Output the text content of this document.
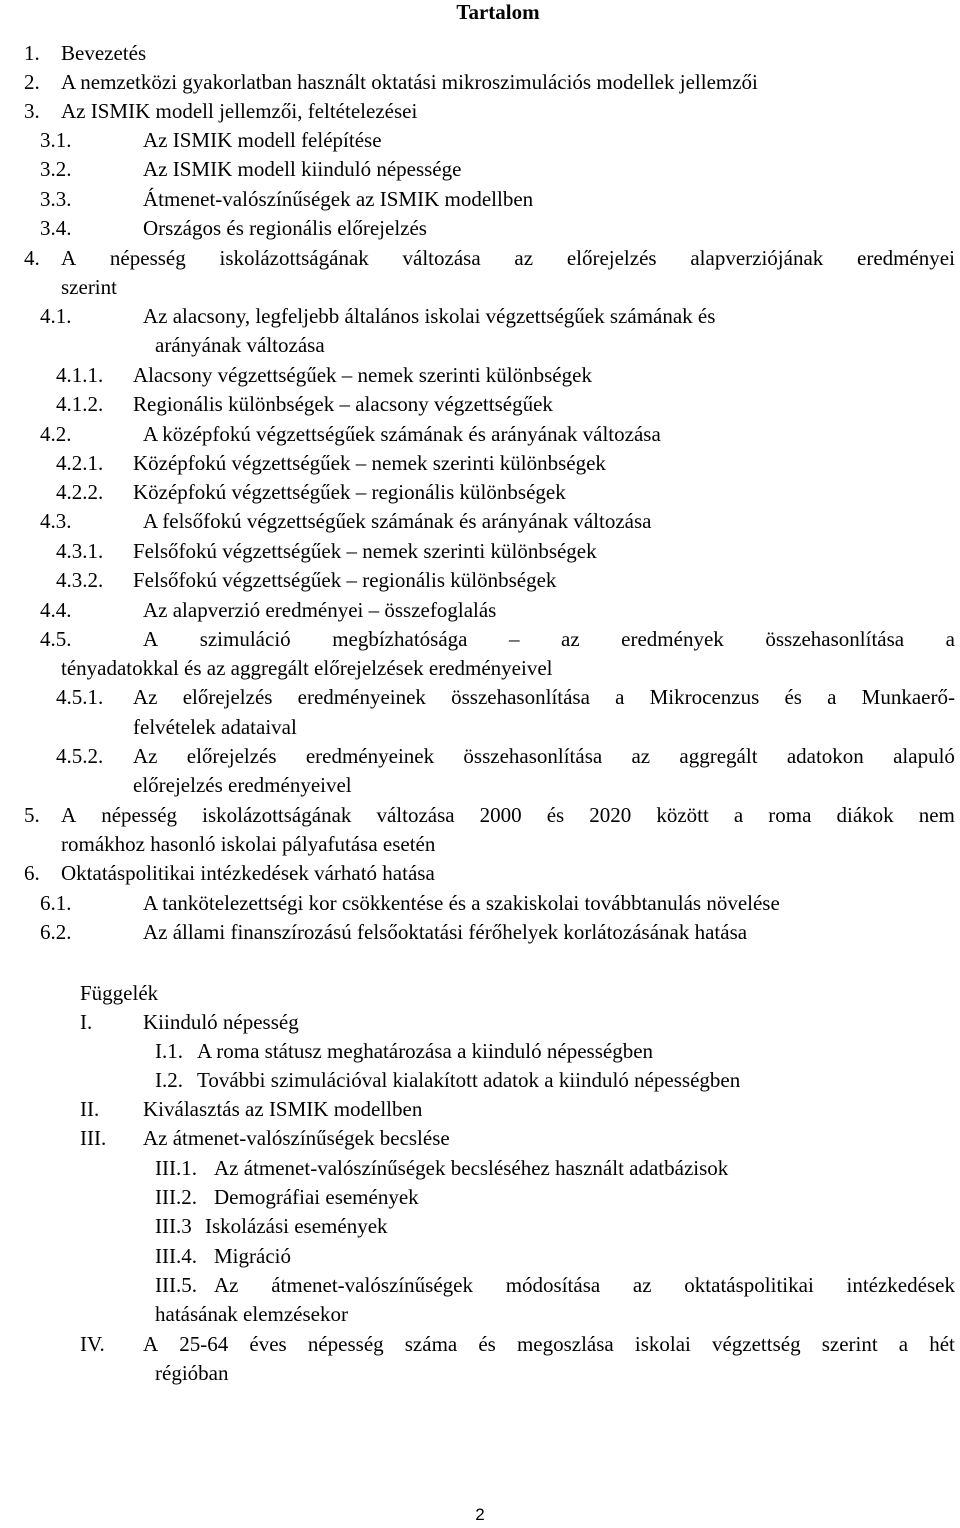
Tartalom
1. Bevezetés
2. A nemzetközi gyakorlatban használt oktatási mikroszimulációs modellek jellemzői
3. Az ISMIK modell jellemzői, feltételezései
3.1.	Az ISMIK modell felépítése
3.2.	Az ISMIK modell kiinduló népessége
3.3.	Átmenet-valószínűségek az ISMIK modellben
3.4.	Országos és regionális előrejelzés
4. A népesség iskolázottságának változása az előrejelzés alapverziójának eredményei
szerint
4.1.	Az alacsony, legfeljebb általános iskolai végzettségűek számának és
arányának változása
4.1.1. Alacsony végzettségűek – nemek szerinti különbségek
4.1.2. Regionális különbségek – alacsony végzettségűek
4.2.	A középfokú végzettségűek számának és arányának változása
4.2.1. Középfokú végzettségűek – nemek szerinti különbségek
4.2.2. Középfokú végzettségűek – regionális különbségek
4.3.	A felsőfokú végzettségűek számának és arányának változása
4.3.1. Felsőfokú végzettségűek – nemek szerinti különbségek
4.3.2. Felsőfokú végzettségűek – regionális különbségek
4.4.	Az alapverzió eredményei – összefoglalás
4.5.	A szimuláció megbízhatósága – az eredmények összehasonlítása a
tényadatokkal és az aggregált előrejelzések eredményeivel
4.5.1. Az előrejelzés eredményeinek összehasonlítása a Mikrocenzus és a Munkaerő-
felvételek adataival
4.5.2. Az előrejelzés eredményeinek összehasonlítása az aggregált adatokon alapuló
előrejelzés eredményeivel
5. A népesség iskolázottságának változása 2000 és 2020 között a roma diákok nem
romákhoz hasonló iskolai pályafutása esetén
6. Oktatáspolitikai intézkedések várható hatása
6.1.	A tankötelezettségi kor csökkentése és a szakiskolai továbbtanulás növelése
6.2.	Az állami finanszírozású felsőoktatási férőhelyek korlátozásának hatása
Függelék
I. Kiinduló népesség
I.1. A roma státusz meghatározása a kiinduló népességben
I.2. További szimulációval kialakított adatok a kiinduló népességben
II. Kiválasztás az ISMIK modellben
III. Az átmenet-valószínűségek becslése
III.1. Az átmenet-valószínűségek becsléséhez használt adatbázisok
III.2. Demográfiai események
III.3 Iskolázási események
III.4. Migráció
III.5. Az átmenet-valószínűségek módosítása az oktatáspolitikai intézkedések
hatásának elemzésekor
IV. A 25-64 éves népesség száma és megoszlása iskolai végzettség szerint a hét
régióban
2
